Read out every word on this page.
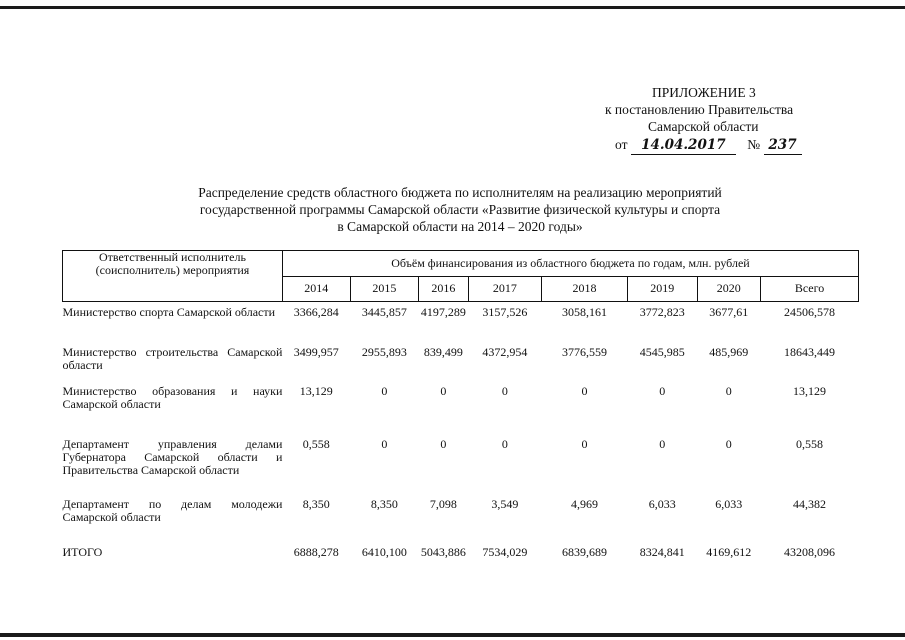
ПРИЛОЖЕНИЕ 3
к постановлению Правительства
Самарской области
от 14.04.2017 № 237
Распределение средств областного бюджета по исполнителям на реализацию мероприятий
государственной программы Самарской области «Развитие физической культуры и спорта
в Самарской области на 2014 – 2020 годы»
Ответственный исполнитель (соисполнитель) мероприятия	Объём финансирования из областного бюджета по годам, млн. рублей							
	2014	2015	2016	2017	2018	2019	2020	Всего
Министерство спорта Самарской области	3366,284	3445,857	4197,289	3157,526	3058,161	3772,823	3677,61	24506,578
Министерство строительства Самарской области	3499,957	2955,893	839,499	4372,954	3776,559	4545,985	485,969	18643,449
Министерство образования и науки Самарской области	13,129	0	0	0	0	0	0	13,129
Департамент управления делами Губернатора Самарской области и Правительства Самарской области	0,558	0	0	0	0	0	0	0,558
Департамент по делам молодежи Самарской области	8,350	8,350	7,098	3,549	4,969	6,033	6,033	44,382
ИТОГО	6888,278	6410,100	5043,886	7534,029	6839,689	8324,841	4169,612	43208,096
